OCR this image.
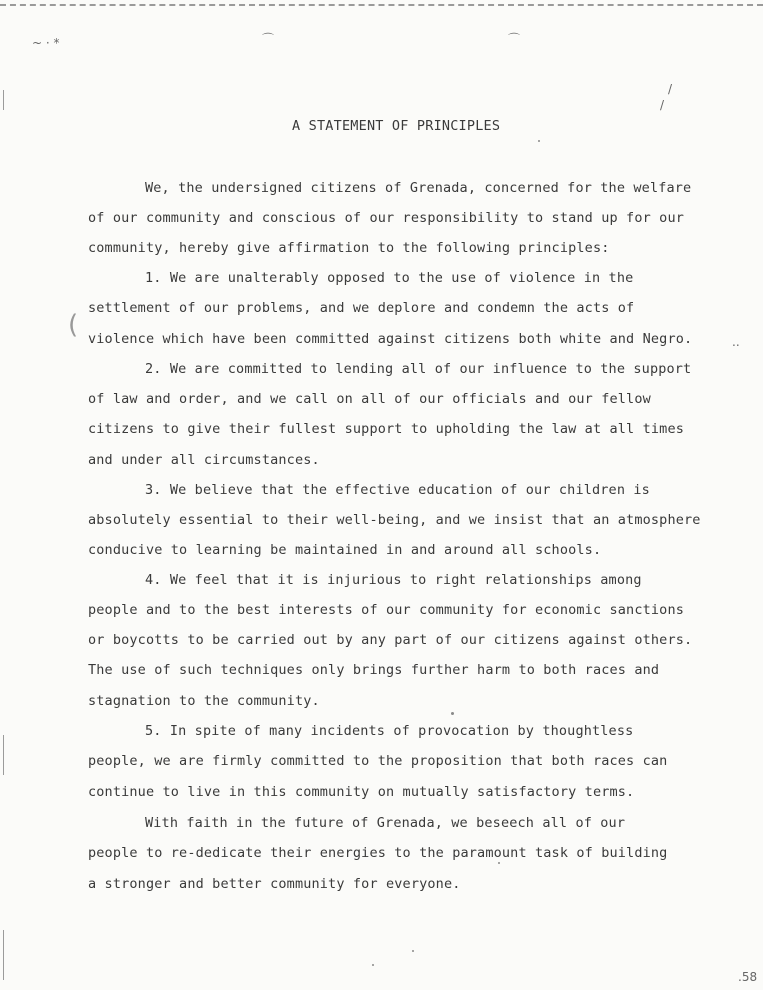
~ · *	⌒	⌒
/
/
(
..
.58
A STATEMENT OF PRINCIPLES
We, the undersigned citizens of Grenada, concerned for the welfare
of our community and conscious of our responsibility to stand up for our
community, hereby give affirmation to the following principles:
1. We are unalterably opposed to the use of violence in the
settlement of our problems, and we deplore and condemn the acts of
violence which have been committed against citizens both white and Negro.
2. We are committed to lending all of our influence to the support
of law and order, and we call on all of our officials and our fellow
citizens to give their fullest support to upholding the law at all times
and under all circumstances.
3. We believe that the effective education of our children is
absolutely essential to their well-being, and we insist that an atmosphere
conducive to learning be maintained in and around all schools.
4. We feel that it is injurious to right relationships among
people and to the best interests of our community for economic sanctions
or boycotts to be carried out by any part of our citizens against others.
The use of such techniques only brings further harm to both races and
stagnation to the community.
5. In spite of many incidents of provocation by thoughtless
people, we are firmly committed to the proposition that both races can
continue to live in this community on mutually satisfactory terms.
With faith in the future of Grenada, we beseech all of our
people to re-dedicate their energies to the paramount task of building
a stronger and better community for everyone.
